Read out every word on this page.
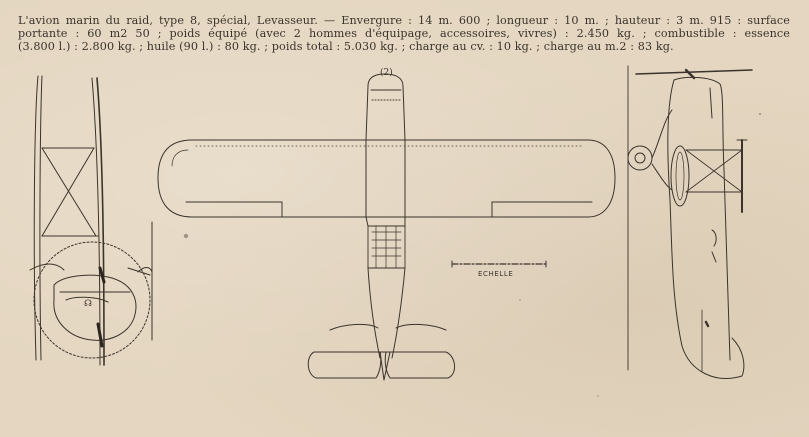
L'avion marin du raid, type 8, spécial, Levasseur. — Envergure : 14 m. 600 ; longueur : 10 m. ; hauteur : 3 m. 915 : surface
portante : 60 m2 50 ; poids équipé (avec 2 hommes d'équipage, accessoires, vivres) : 2.450 kg. ; combustible : essence
(3.800 l.) : 2.800 kg. ; huile (90 l.) : 80 kg. ; poids total : 5.030 kg. ; charge au cv. : 10 kg. ; charge au m.2 : 83 kg.
☊
(2)
ECHELLE
